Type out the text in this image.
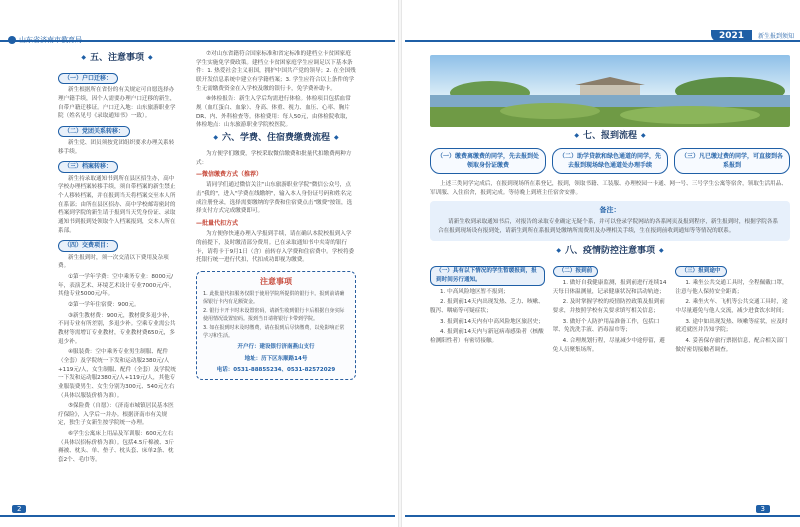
山东省济南市教育局	2021	新生报到须知
◆ 五、注意事项 ◆
（一）户口迁移：

新生根据所在省份的有关规定可自愿选择办理户籍手续，因个人需要办理户口迁移的新生，自带户籍迁移证。户口迁入地：山东旅游职业学院（姓名见号《录取通知书》一致）。

（二）党团关系转移：

新生党、团员须按党团组织要求办理关系转移手续。

（三）档案转移：

新生持录取通知书到所在县区招生办，高中学校办理档案转移手续，须自带档案的新生禁止个人移转档案，并在报到当天将档案交至本人所在系部；由所在县区招办、高中学校邮寄密封的档案到学院的新生请于报到当天凭身份证、录取通知书到报到处领取个人档案报到，交本人所在系部。

（四）交费项目：

新生报到时，须一次交清以下费用及杂项费。

①第一学年学费：空中乘务专业：8000元/年，表演艺术、环境艺术设计专业7000元/年，其他专业5000元/年。

②第一学年住宿费：900元。

③新生教材费：900元，教材费多退少补，不同专业有所差别，多退少补。空乘专业需公共教材等需增订专业教材，专业教材费650元，多退少补。

④服装费：空中乘务专业男生制服、配件（全套）及学院统一下发和运动服2380元/人+119元/人，女生制服、配件（全套）及学院统一下发和运动服2380元/人+119元/人，其他专业服装费男生、女生分别为300元、540元左右（具体以服装价格为准）。

⑤保险费（自愿）：《济南市城镇居民基本医疗保险》，入学后一并办。根据济南市有关规定，独生子女新生按学院统一办理。

⑥学生公寓床上用品及军训服：600元左右（具体以招标价格为准）。包括4.5斤棉被、3斤褥被、枕头、单、垫子、枕头套、床单2条、枕套2个、毛巾等。

⑦对山东省籍符合国家标准和省定标准的建档立卡贫困家庭学生实施免学费政策。建档立卡贫困家庭学生应调足以下基本条件：1. 热爱社会主义祖国，拥护中国共产党的领导；2. 在全国残联开发信息系统中建立有学籍档案；3. 学生应符合以上条件的学生无需缴费资金在入学校及缴的银行卡，免学费补助卡。

⑧体检报告：新生入学后均需进行体检。体检项目包括血常规（血红蛋白、血象）、身高、体重、视力、血压、心率、胸片DR、内、外科检查等。体检费用：每人50元，由体检院收取，体检地点：山东旅游职业学院校医院。

◆ 六、学费、住宿费缴费流程 ◆

为方便学们缴费，学校采取微信缴费和批量代扣缴费两种方式：

— 微信缴费方式（推荐）

请同学们通过微信关注"山东旅游职业学院"微信公众号，点击"我的"，进入"学费在线缴纳"，输入本人身份证号码和姓名完成注册登录，选择需要缴纳的学费和住宿费点击"缴费"按钮，选择支付方式完成缴费即可。

— 批量代扣方式

为方便你快速办理入学报到手续，请在确认本院校报到入学的前提下，及时缴清部分费用。已在录取通知书中夹寄的银行卡，请将卡于9月1日（含）前转存入学费和住宿费中。学校将委托银行统一进行代扣，代扣成功即视为缴费。

注意事项

1. 此批量代扣服务仅限于使用学院所提供的银行卡。报到前请确保银行卡内有足额资金。

2. 银行卡开卡时未设置密码，请新生收到银行卡后根据自身实际使用情况设置密码。报到当日请将银行卡带到学院。

3. 如在报到时未及时缴费，请在报到后尽快缴费，以免影响正常学习和生活。

开户行：建设银行济南燕山支行
地址：历下区东顺路14号
电话：0531-88855234、0531-82572029
◆ 七、报到流程 ◆
（一）缴费离缴费的同学，先去报到处领取身份证缴费
（二）助学贷款和绿色通道的同学，先去报到现场绿色通道处办理手续
（三）凡已缴过费的同学，可直接到各系报到

上述三类同学完成后，在报到现场所在系登记，报到，领取书籍、工装服、办理校园一卡通、网一号、三号学生公寓等宿舍，领取生活用品、军训服、入住宿舍，报到完成。等待晚上到班主任宿舍安排。

备注：

请新生收到录取通知书后，对报告的录取专业确定无疑个系，并可以登录学院网站的各系网页及报到程序，新生报到时，根据学院各系合在报到现场设有报到处，请新生到所在系报到处缴纳所需费用及办理相关手续，生在报到前收到通知等等情况的联系。

◆ 八、疫情防控注意事项 ◆
（一）具有以下情况的学生暂缓报到，报到时间另行通知。

1. 中高风险地区暂不报到；

2. 报到前14天内出现发热、乏力、咳嗽、腹泻、咽痛等可疑症状；

3. 报到前14天内有中高风险地区旅居史；

4. 报到前14天内与新冠病毒感染者（核酸检测阳性者）有密切接触。

（二）报到前

1. 做好自我健康监测，报到前进行连续14天每日体温测量，记录健康状况和活动轨迹；

2. 及时掌握学校的疫情防控政策及报到前要求，并按照学校有关要求填写相关信息；

3. 做好个人防护用品准备工作，包括口罩、免洗洗手液、消毒湿巾等；

4. 合理规划行程，尽量减少中途停留，避免人员聚集场所。

（三）报到途中

1. 乘坐公共交通工具时，全程佩戴口罩，注意与他人保持安全距离；

2. 乘坐火车、飞机等公共交通工具时，途中尽量避免与他人交流，减少进食饮水时间；

3. 途中如出现发热、咳嗽等症状，应及时就近就医并告知学院；

4. 妥善保存旅行票据信息，配合相关部门做好密切接触者调查。

2	3
